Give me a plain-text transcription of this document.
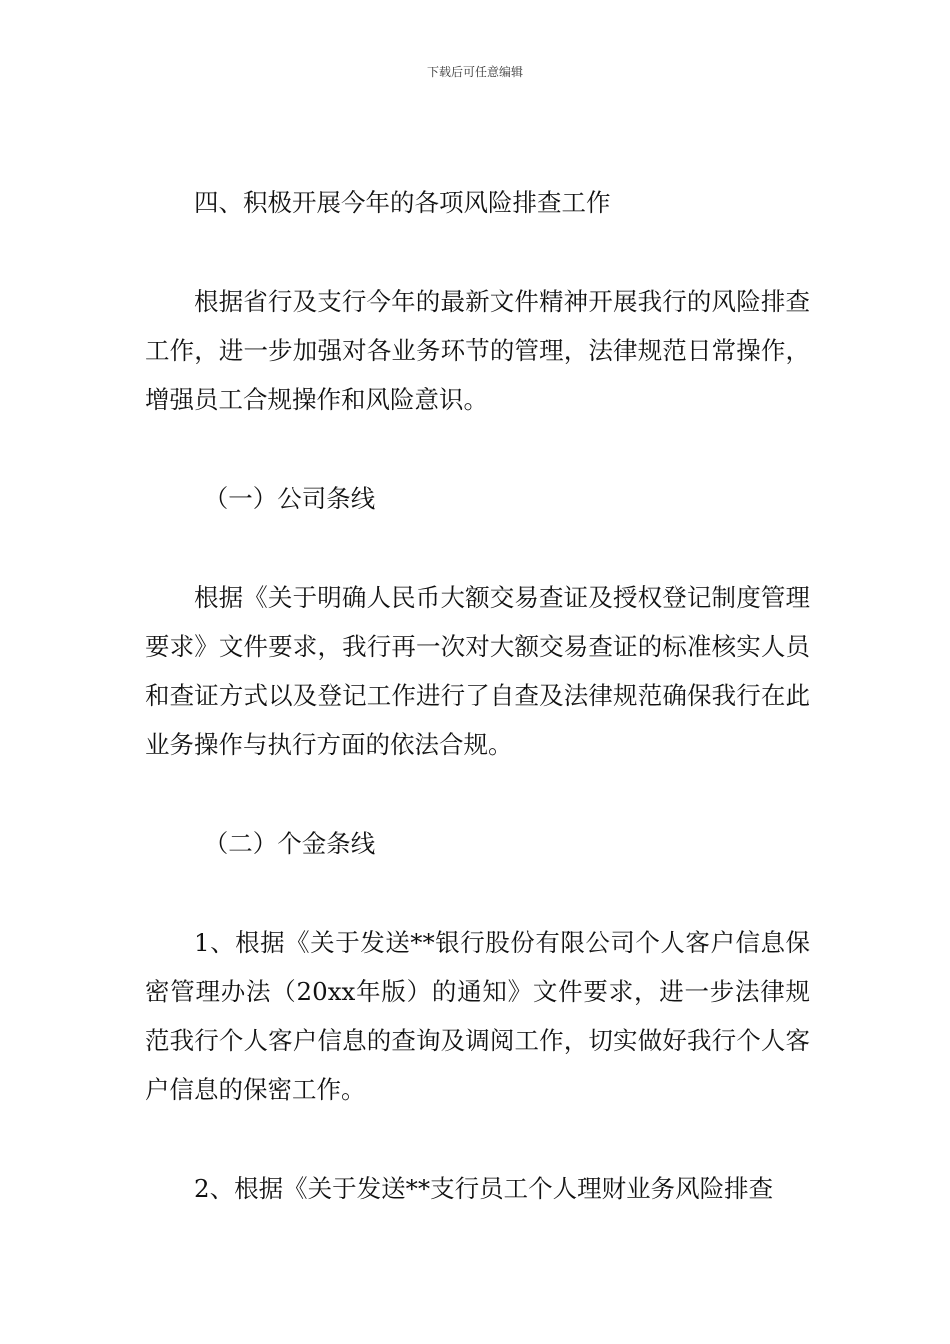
下载后可任意编辑

四、积极开展今年的各项风险排查工作

根据省行及支行今年的最新文件精神开展我行的风险排查工作，进一步加强对各业务环节的管理，法律规范日常操作，增强员工合规操作和风险意识。

（一）公司条线

根据《关于明确人民币大额交易查证及授权登记制度管理要求》文件要求，我行再一次对大额交易查证的标准核实人员和查证方式以及登记工作进行了自查及法律规范确保我行在此业务操作与执行方面的依法合规。

（二）个金条线

1、根据《关于发送**银行股份有限公司个人客户信息保密管理办法（20xx年版）的通知》文件要求，进一步法律规范我行个人客户信息的查询及调阅工作，切实做好我行个人客户信息的保密工作。

2、根据《关于发送**支行员工个人理财业务风险排查
